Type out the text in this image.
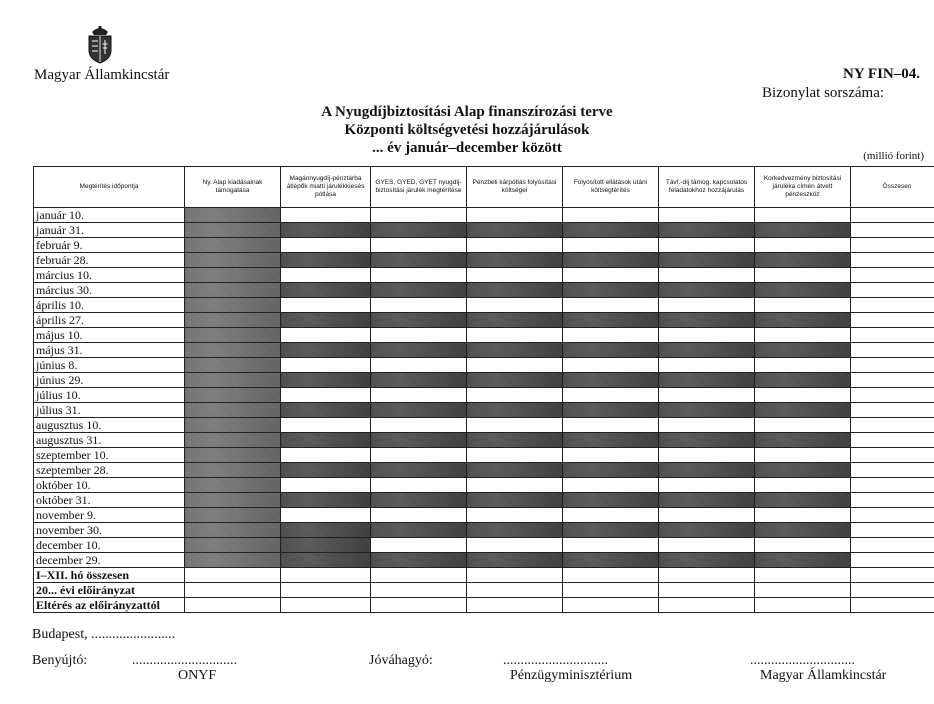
Magyar Államkincstár	NY FIN–04.
Bizonylat sorszáma:
A Nyugdíjbiztosítási Alap finanszírozási terve
Központi költségvetési hozzájárulások
... év január–december között	(millió forint)
Megtérítés időpontja	Ny. Alap kiadásainak támogatása	Magánnyugdíj-pénztárba átlépők miatti járulékkiesés pótlása	GYES, GYED, GYET nyugdíj-biztosítási járulék megtérítése	Pénzbeli kárpótlás folyósítási költségei	Folyósított ellátások utáni költségtérítés	Távf.-díj támog. kapcsolatos feladatokhoz hozzájárulás	Korkedvezmény biztosítási járuléka címén átvett pénzeszköz	Összesen
január 10.								
január 31.								
február 9.								
február 28.								
március 10.								
március 30.								
április 10.								
április 27.								
május 10.								
május 31.								
június 8.								
június 29.								
július 10.								
július 31.								
augusztus 10.								
augusztus 31.								
szeptember 10.								
szeptember 28.								
október 10.								
október 31.								
november 9.								
november 30.								
december 10.								
december 29.								
I–XII. hó összesen								
20... évi előirányzat								
Eltérés az előirányzattól								
Budapest, ........................
Benyújtó:	..............................
ONYF
Jóváhagyó:	..............................
Pénzügyminisztérium
..............................
Magyar Államkincstár
